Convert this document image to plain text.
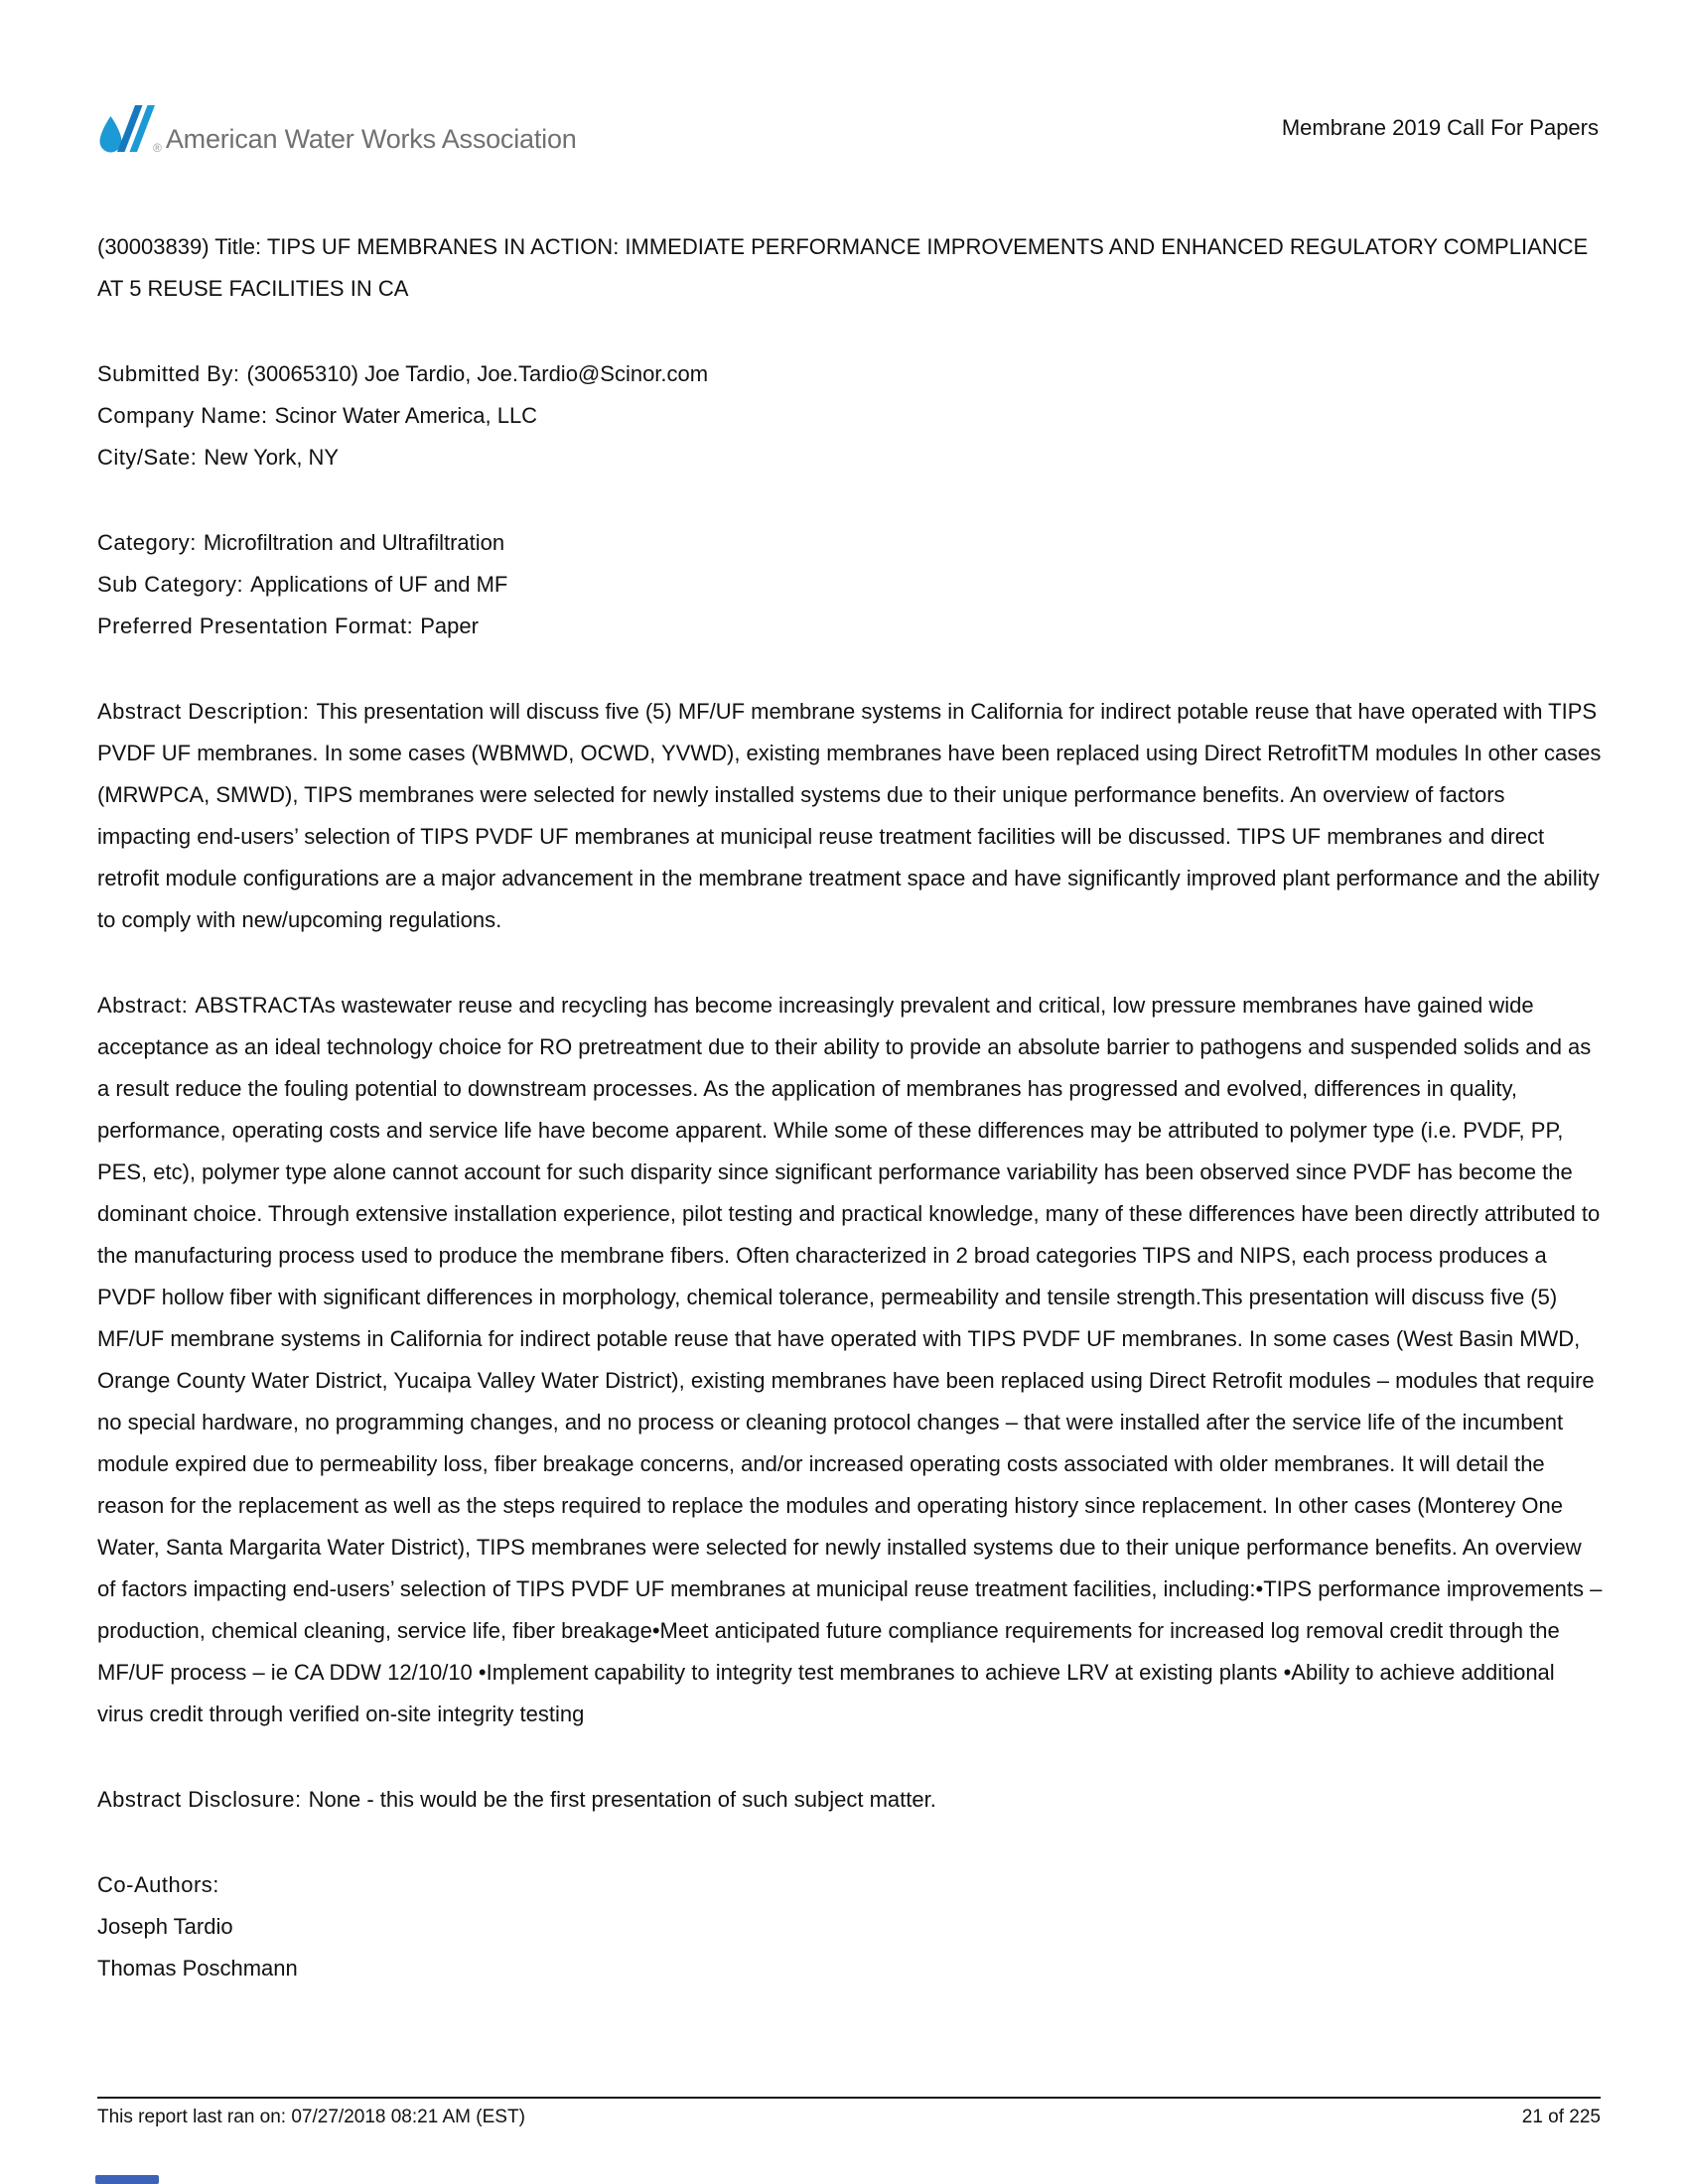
® American Water Works Association	Membrane 2019 Call For Papers

(30003839) Title: TIPS UF MEMBRANES IN ACTION: IMMEDIATE PERFORMANCE IMPROVEMENTS AND ENHANCED REGULATORY COMPLIANCE AT 5 REUSE FACILITIES IN CA

Submitted By: (30065310) Joe Tardio, Joe.Tardio@Scinor.com
Company Name: Scinor Water America, LLC
City/Sate: New York, NY

Category: Microfiltration and Ultrafiltration
Sub Category: Applications of UF and MF
Preferred Presentation Format: Paper

Abstract Description: This presentation will discuss five (5) MF/UF membrane systems in California for indirect potable reuse that have operated with TIPS PVDF UF membranes. In some cases (WBMWD, OCWD, YVWD), existing membranes have been replaced using Direct RetrofitTM modules In other cases (MRWPCA, SMWD), TIPS membranes were selected for newly installed systems due to their unique performance benefits. An overview of factors impacting end-users’ selection of TIPS PVDF UF membranes at municipal reuse treatment facilities will be discussed. TIPS UF membranes and direct retrofit module configurations are a major advancement in the membrane treatment space and have significantly improved plant performance and the ability to comply with new/upcoming regulations.

Abstract: ABSTRACTAs wastewater reuse and recycling has become increasingly prevalent and critical, low pressure membranes have gained wide acceptance as an ideal technology choice for RO pretreatment due to their ability to provide an absolute barrier to pathogens and suspended solids and as a result reduce the fouling potential to downstream processes. As the application of membranes has progressed and evolved, differences in quality, performance, operating costs and service life have become apparent. While some of these differences may be attributed to polymer type (i.e. PVDF, PP, PES, etc), polymer type alone cannot account for such disparity since significant performance variability has been observed since PVDF has become the dominant choice. Through extensive installation experience, pilot testing and practical knowledge, many of these differences have been directly attributed to the manufacturing process used to produce the membrane fibers. Often characterized in 2 broad categories TIPS and NIPS, each process produces a PVDF hollow fiber with significant differences in morphology, chemical tolerance, permeability and tensile strength.This presentation will discuss five (5) MF/UF membrane systems in California for indirect potable reuse that have operated with TIPS PVDF UF membranes. In some cases (West Basin MWD, Orange County Water District, Yucaipa Valley Water District), existing membranes have been replaced using Direct Retrofit modules – modules that require no special hardware, no programming changes, and no process or cleaning protocol changes – that were installed after the service life of the incumbent module expired due to permeability loss, fiber breakage concerns, and/or increased operating costs associated with older membranes. It will detail the reason for the replacement as well as the steps required to replace the modules and operating history since replacement. In other cases (Monterey One Water, Santa Margarita Water District), TIPS membranes were selected for newly installed systems due to their unique performance benefits. An overview of factors impacting end-users’ selection of TIPS PVDF UF membranes at municipal reuse treatment facilities, including:•TIPS performance improvements – production, chemical cleaning, service life, fiber breakage•Meet anticipated future compliance requirements for increased log removal credit through the MF/UF process – ie CA DDW 12/10/10 •Implement capability to integrity test membranes to achieve LRV at existing plants •Ability to achieve additional virus credit through verified on-site integrity testing

Abstract Disclosure: None - this would be the first presentation of such subject matter.

Co-Authors:
Joseph Tardio
Thomas Poschmann

This report last ran on: 07/27/2018 08:21 AM (EST)	21 of 225
